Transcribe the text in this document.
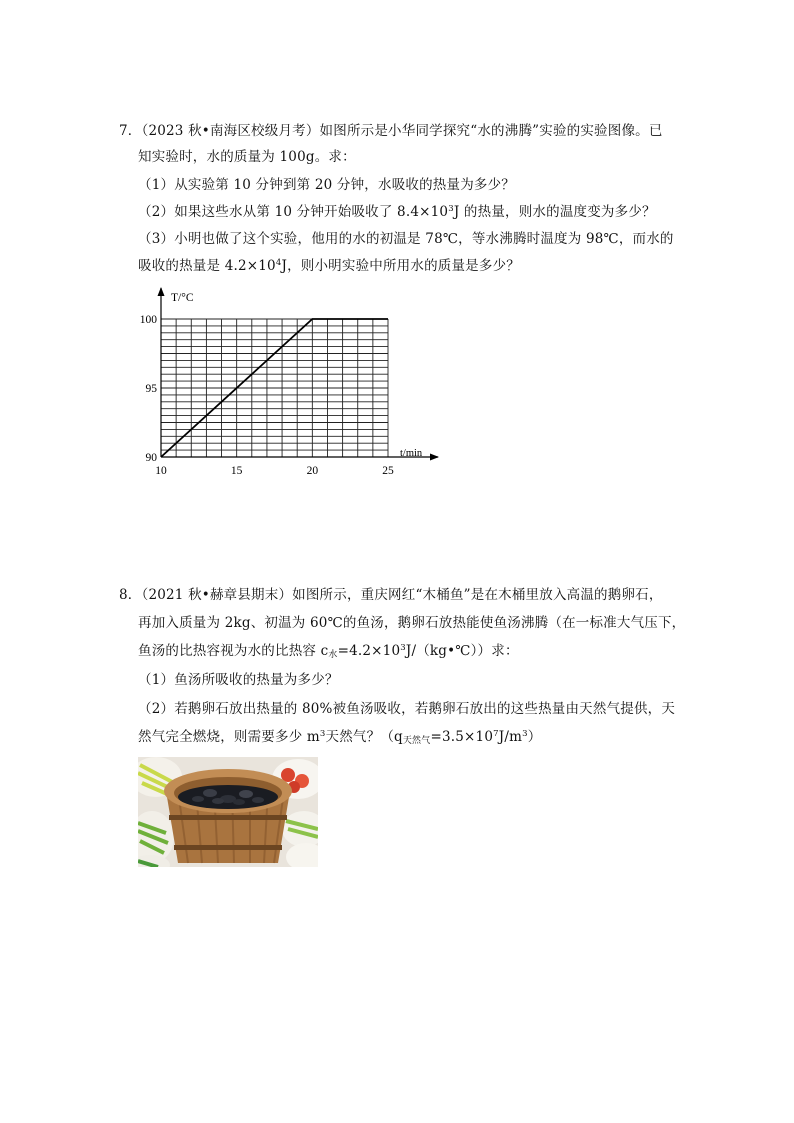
7．（2023 秋•南海区校级月考）如图所示是小华同学探究“水的沸腾”实验的实验图像。已
知实验时，水的质量为 100g。求：
（1）从实验第 10 分钟到第 20 分钟，水吸收的热量为多少？
（2）如果这些水从第 10 分钟开始吸收了 $8.4\times 10^3J$ 的热量，则水的温度变为多少？
（3）小明也做了这个实验，他用的水的初温是 78℃，等水沸腾时温度为 98℃，而水的
吸收的热量是 $4.2\times 10^4J$，则小明实验中所用水的质量是多少？
10	15	20	25
90
95
100
T/°C
t/min
8．（2021 秋•赫章县期末）如图所示，重庆网红“木桶鱼”是在木桶里放入高温的鹅卵石，
再加入质量为 2kg、初温为 60℃的鱼汤，鹅卵石放热能使鱼汤沸腾（在一标准大气压下，
鱼汤的比热容视为水的比热容 $c_水=4.2\times 10^3J/(kg•℃)$）求：
（1）鱼汤所吸收的热量为多少？
（2）若鹅卵石放出热量的 80%被鱼汤吸收，若鹅卵石放出的这些热量由天然气提供，天
然气完全燃烧，则需要多少 $m^3$天然气？$(q_{天然气}=3.5\times 10^7J/m^3)$
